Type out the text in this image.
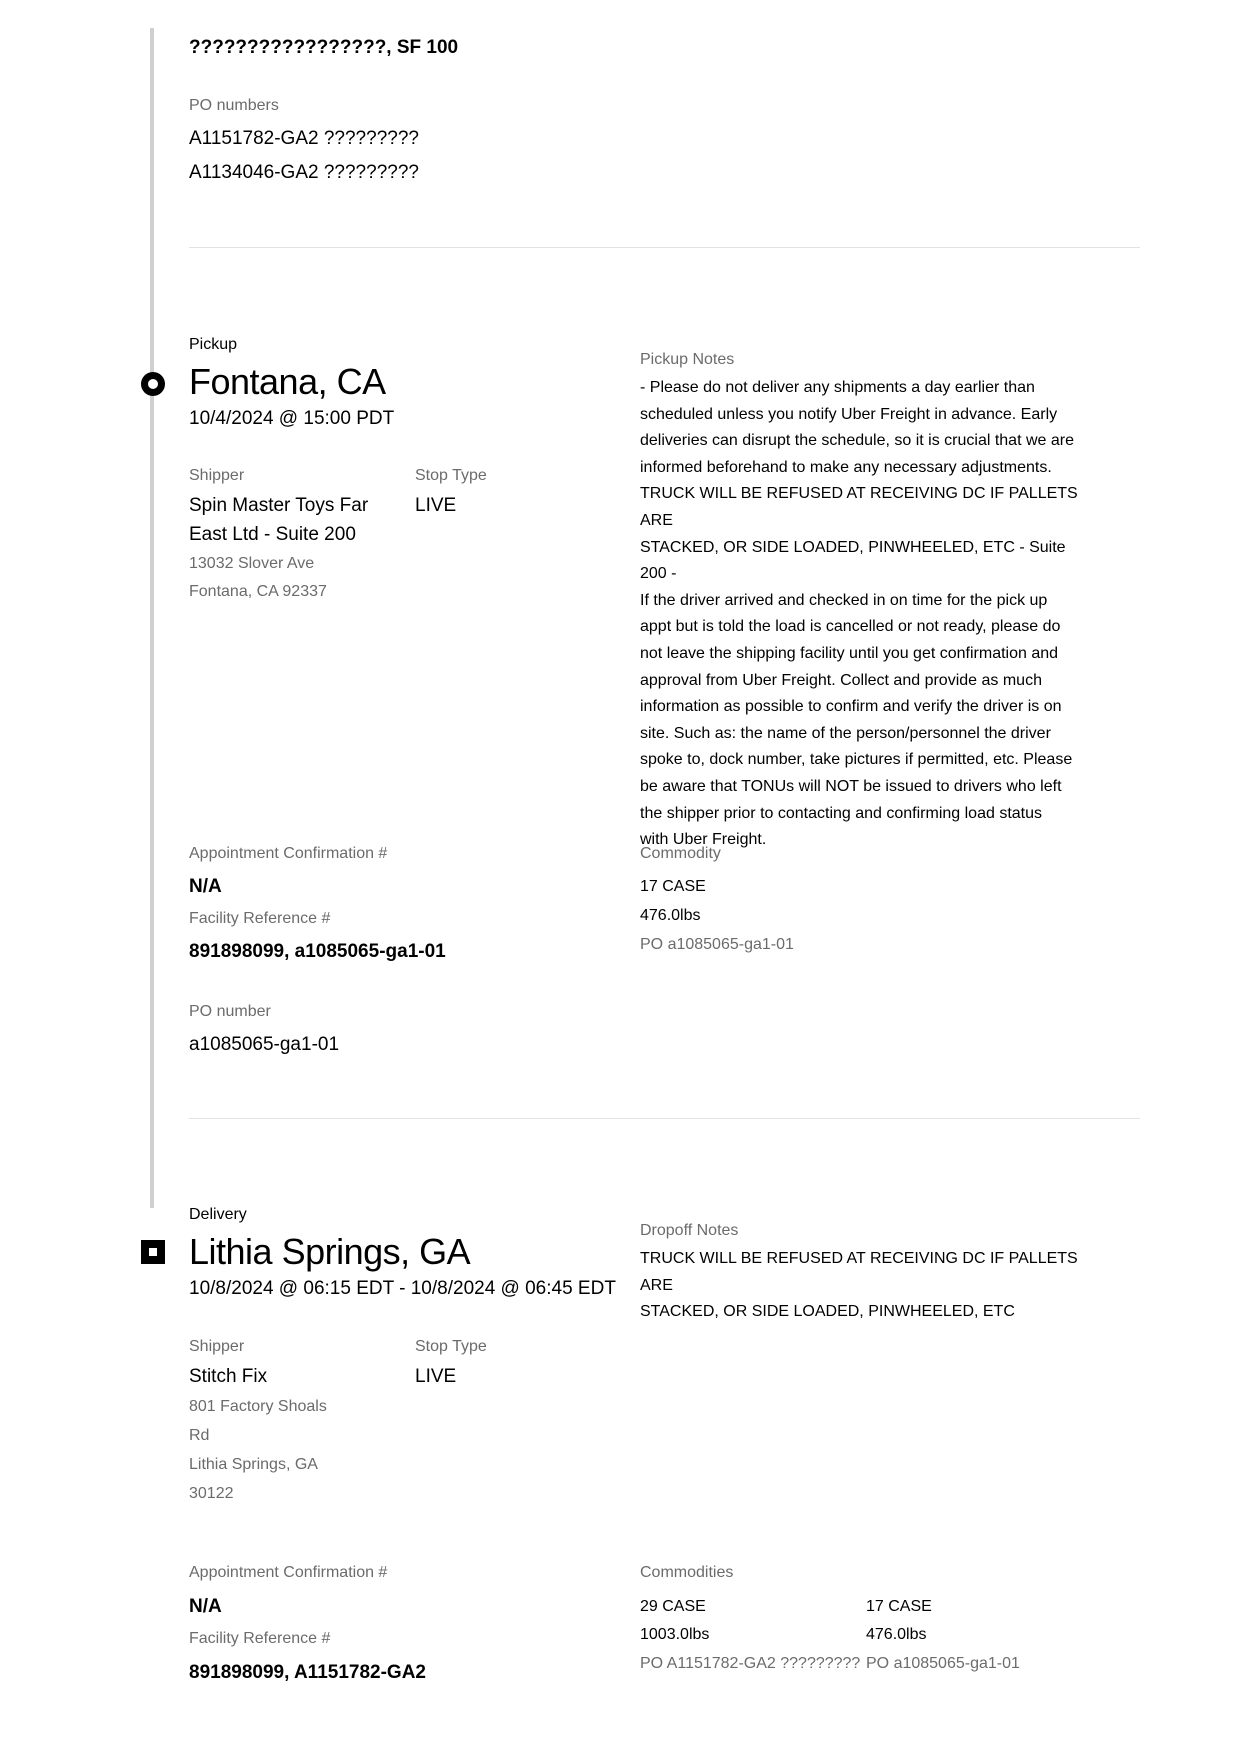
?????????????????, SF 100
PO numbers
A1151782-GA2 ?????????
A1134046-GA2 ?????????
Pickup
Fontana, CA
10/4/2024 @ 15:00 PDT
Shipper
Spin Master Toys Far
East Ltd - Suite 200
13032 Slover Ave
Fontana, CA 92337
Stop Type
LIVE
Pickup Notes
- Please do not deliver any shipments a day earlier than
scheduled unless you notify Uber Freight in advance. Early
deliveries can disrupt the schedule, so it is crucial that we are
informed beforehand to make any necessary adjustments.
TRUCK WILL BE REFUSED AT RECEIVING DC IF PALLETS ARE
STACKED, OR SIDE LOADED, PINWHEELED, ETC - Suite 200 -
If the driver arrived and checked in on time for the pick up
appt but is told the load is cancelled or not ready, please do
not leave the shipping facility until you get confirmation and
approval from Uber Freight. Collect and provide as much
information as possible to confirm and verify the driver is on
site. Such as: the name of the person/personnel the driver
spoke to, dock number, take pictures if permitted, etc. Please
be aware that TONUs will NOT be issued to drivers who left
the shipper prior to contacting and confirming load status
with Uber Freight.
Appointment Confirmation #
N/A
Facility Reference #
891898099, a1085065-ga1-01
PO number
a1085065-ga1-01
Commodity
17 CASE
476.0lbs
PO a1085065-ga1-01
Delivery
Lithia Springs, GA
10/8/2024 @ 06:15 EDT - 10/8/2024 @ 06:45 EDT
Shipper
Stitch Fix
801 Factory Shoals
Rd
Lithia Springs, GA
30122
Stop Type
LIVE
Dropoff Notes
TRUCK WILL BE REFUSED AT RECEIVING DC IF PALLETS ARE
STACKED, OR SIDE LOADED, PINWHEELED, ETC
Appointment Confirmation #
N/A
Facility Reference #
891898099, A1151782-GA2
Commodities
29 CASE
1003.0lbs
PO A1151782-GA2 ?????????
17 CASE
476.0lbs
PO a1085065-ga1-01
